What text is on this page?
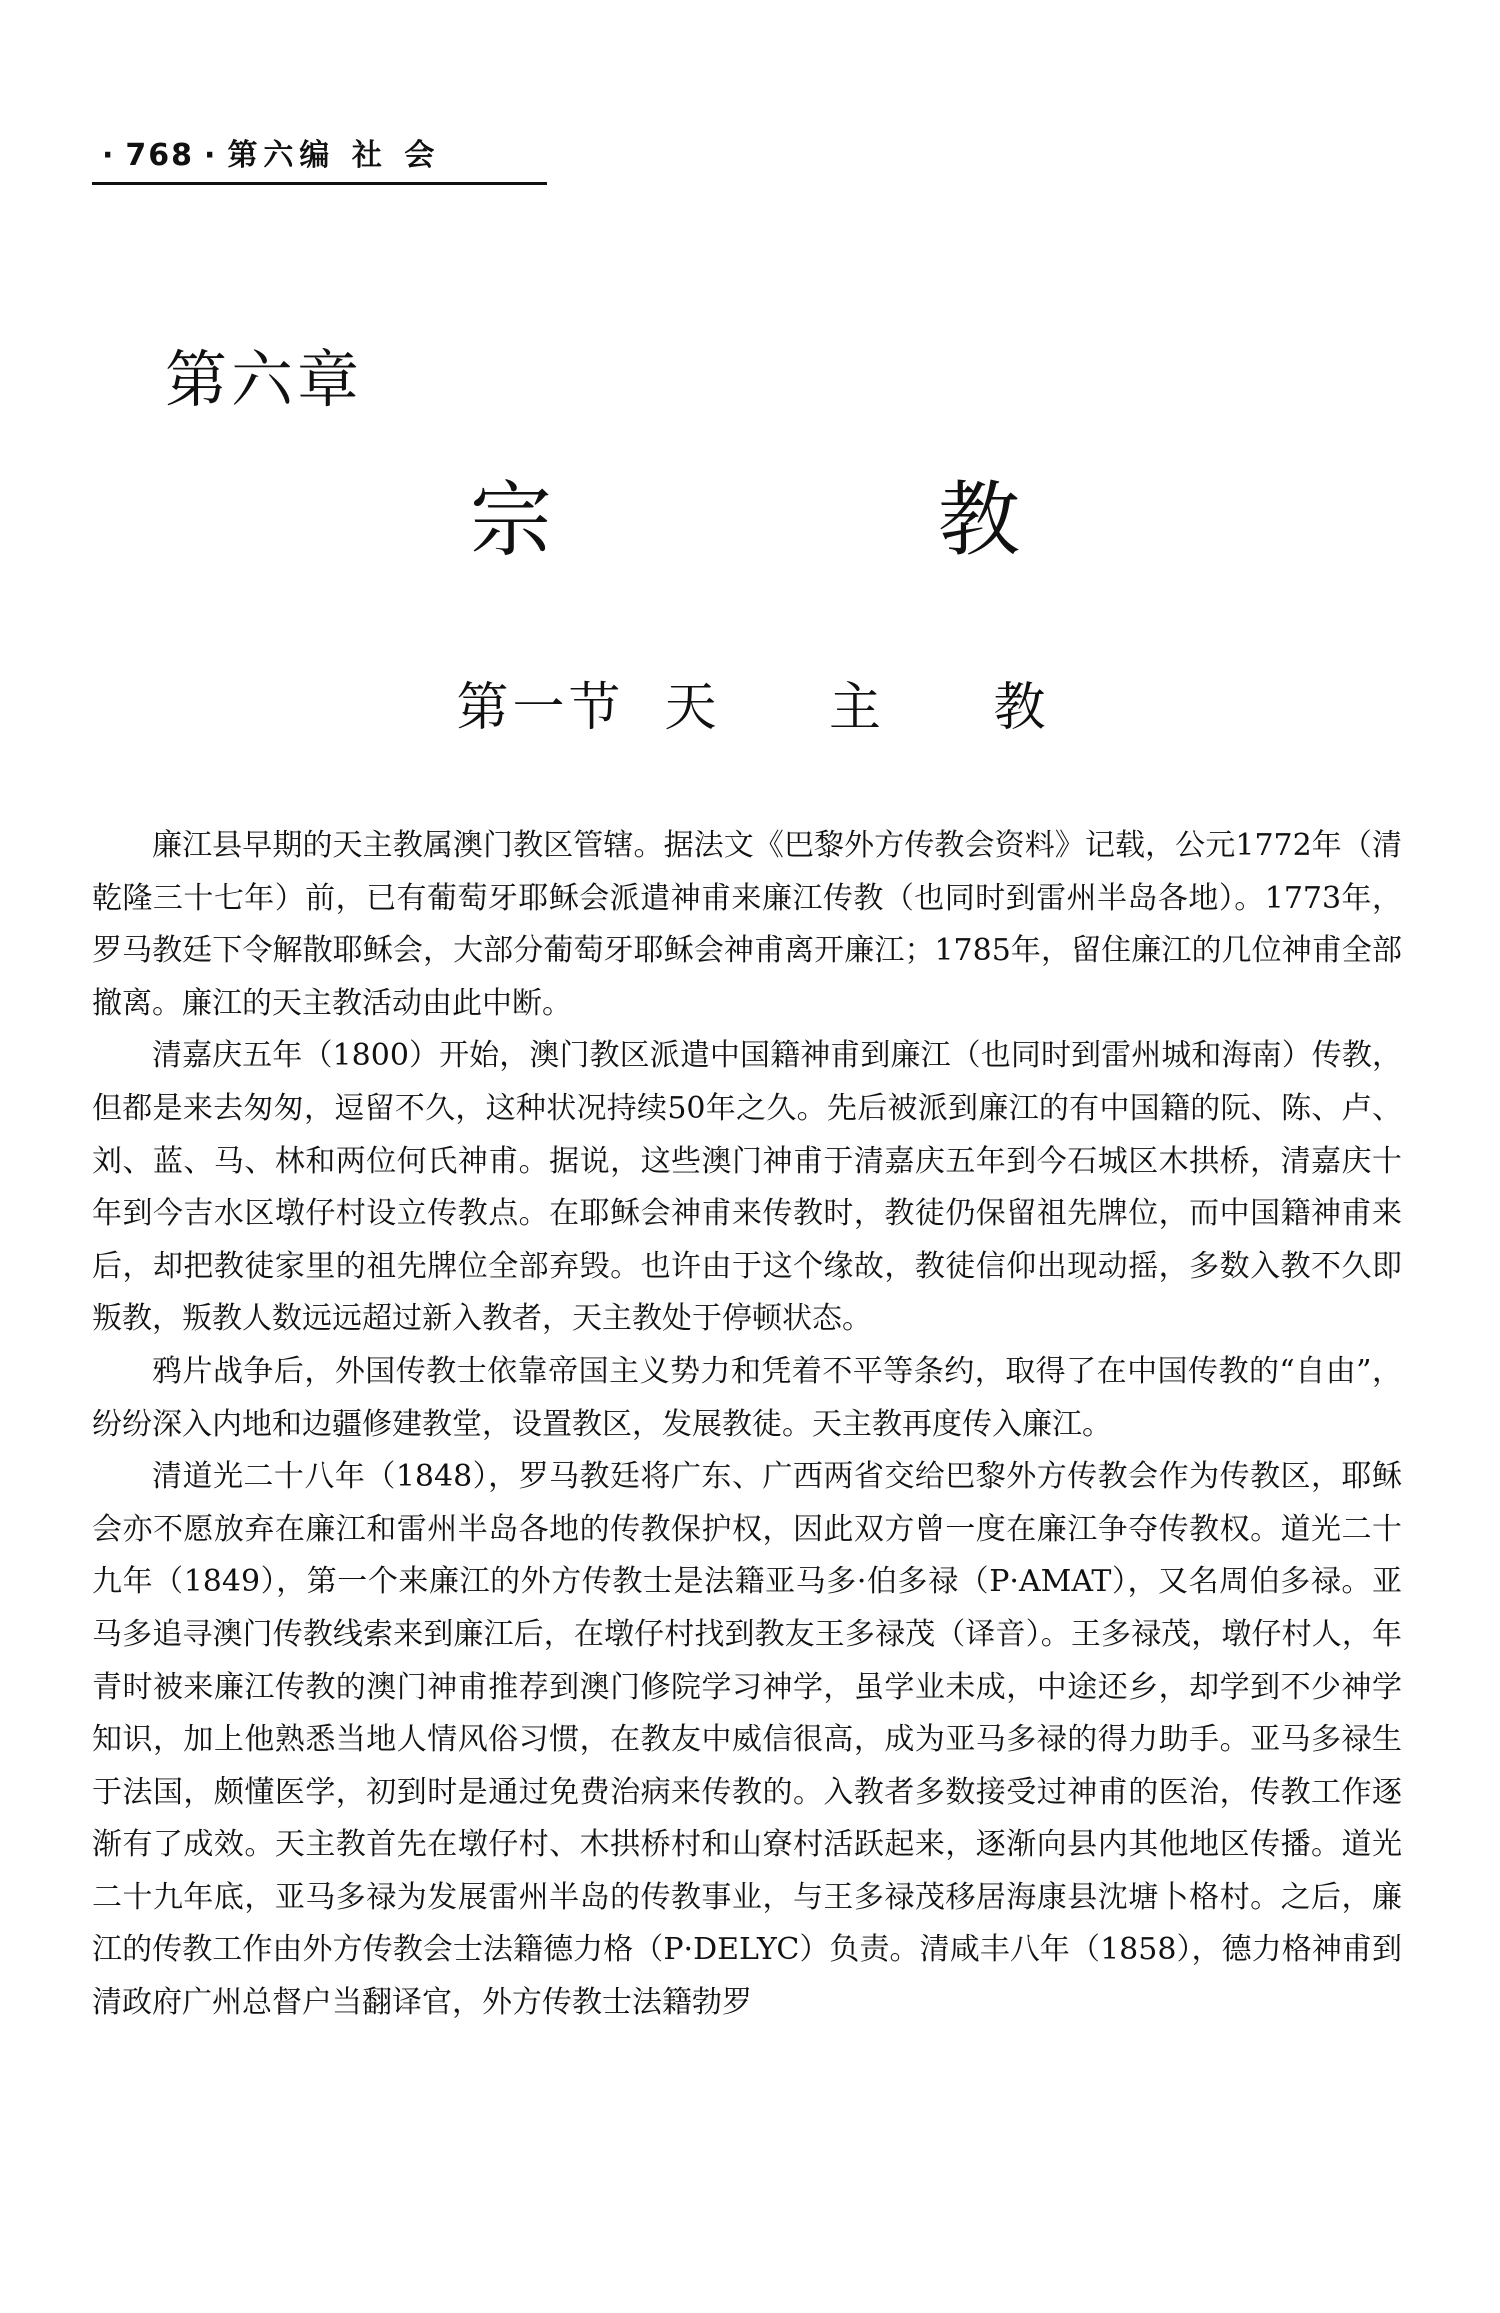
· 768 · 第六编 社 会
第六章
宗 教
第一节 天 主 教

廉江县早期的天主教属澳门教区管辖。据法文《巴黎外方传教会资料》记载，公元1772年（清乾隆三十七年）前，已有葡萄牙耶稣会派遣神甫来廉江传教（也同时到雷州半岛各地）。1773年，罗马教廷下令解散耶稣会，大部分葡萄牙耶稣会神甫离开廉江；1785年，留住廉江的几位神甫全部撤离。廉江的天主教活动由此中断。

清嘉庆五年（1800）开始，澳门教区派遣中国籍神甫到廉江（也同时到雷州城和海南）传教，但都是来去匆匆，逗留不久，这种状况持续50年之久。先后被派到廉江的有中国籍的阮、陈、卢、刘、蓝、马、林和两位何氏神甫。据说，这些澳门神甫于清嘉庆五年到今石城区木拱桥，清嘉庆十年到今吉水区墩仔村设立传教点。在耶稣会神甫来传教时，教徒仍保留祖先牌位，而中国籍神甫来后，却把教徒家里的祖先牌位全部弃毁。也许由于这个缘故，教徒信仰出现动摇，多数入教不久即叛教，叛教人数远远超过新入教者，天主教处于停顿状态。

鸦片战争后，外国传教士依靠帝国主义势力和凭着不平等条约，取得了在中国传教的“自由”，纷纷深入内地和边疆修建教堂，设置教区，发展教徒。天主教再度传入廉江。

清道光二十八年（1848），罗马教廷将广东、广西两省交给巴黎外方传教会作为传教区，耶稣会亦不愿放弃在廉江和雷州半岛各地的传教保护权，因此双方曾一度在廉江争夺传教权。道光二十九年（1849），第一个来廉江的外方传教士是法籍亚马多·伯多禄（P·AMAT），又名周伯多禄。亚马多追寻澳门传教线索来到廉江后，在墩仔村找到教友王多禄茂（译音）。王多禄茂，墩仔村人，年青时被来廉江传教的澳门神甫推荐到澳门修院学习神学，虽学业未成，中途还乡，却学到不少神学知识，加上他熟悉当地人情风俗习惯，在教友中威信很高，成为亚马多禄的得力助手。亚马多禄生于法国，颇懂医学，初到时是通过免费治病来传教的。入教者多数接受过神甫的医治，传教工作逐渐有了成效。天主教首先在墩仔村、木拱桥村和山寮村活跃起来，逐渐向县内其他地区传播。道光二十九年底，亚马多禄为发展雷州半岛的传教事业，与王多禄茂移居海康县沈塘卜格村。之后，廉江的传教工作由外方传教会士法籍德力格（P·DELYC）负责。清咸丰八年（1858），德力格神甫到清政府广州总督户当翻译官，外方传教士法籍勃罗
